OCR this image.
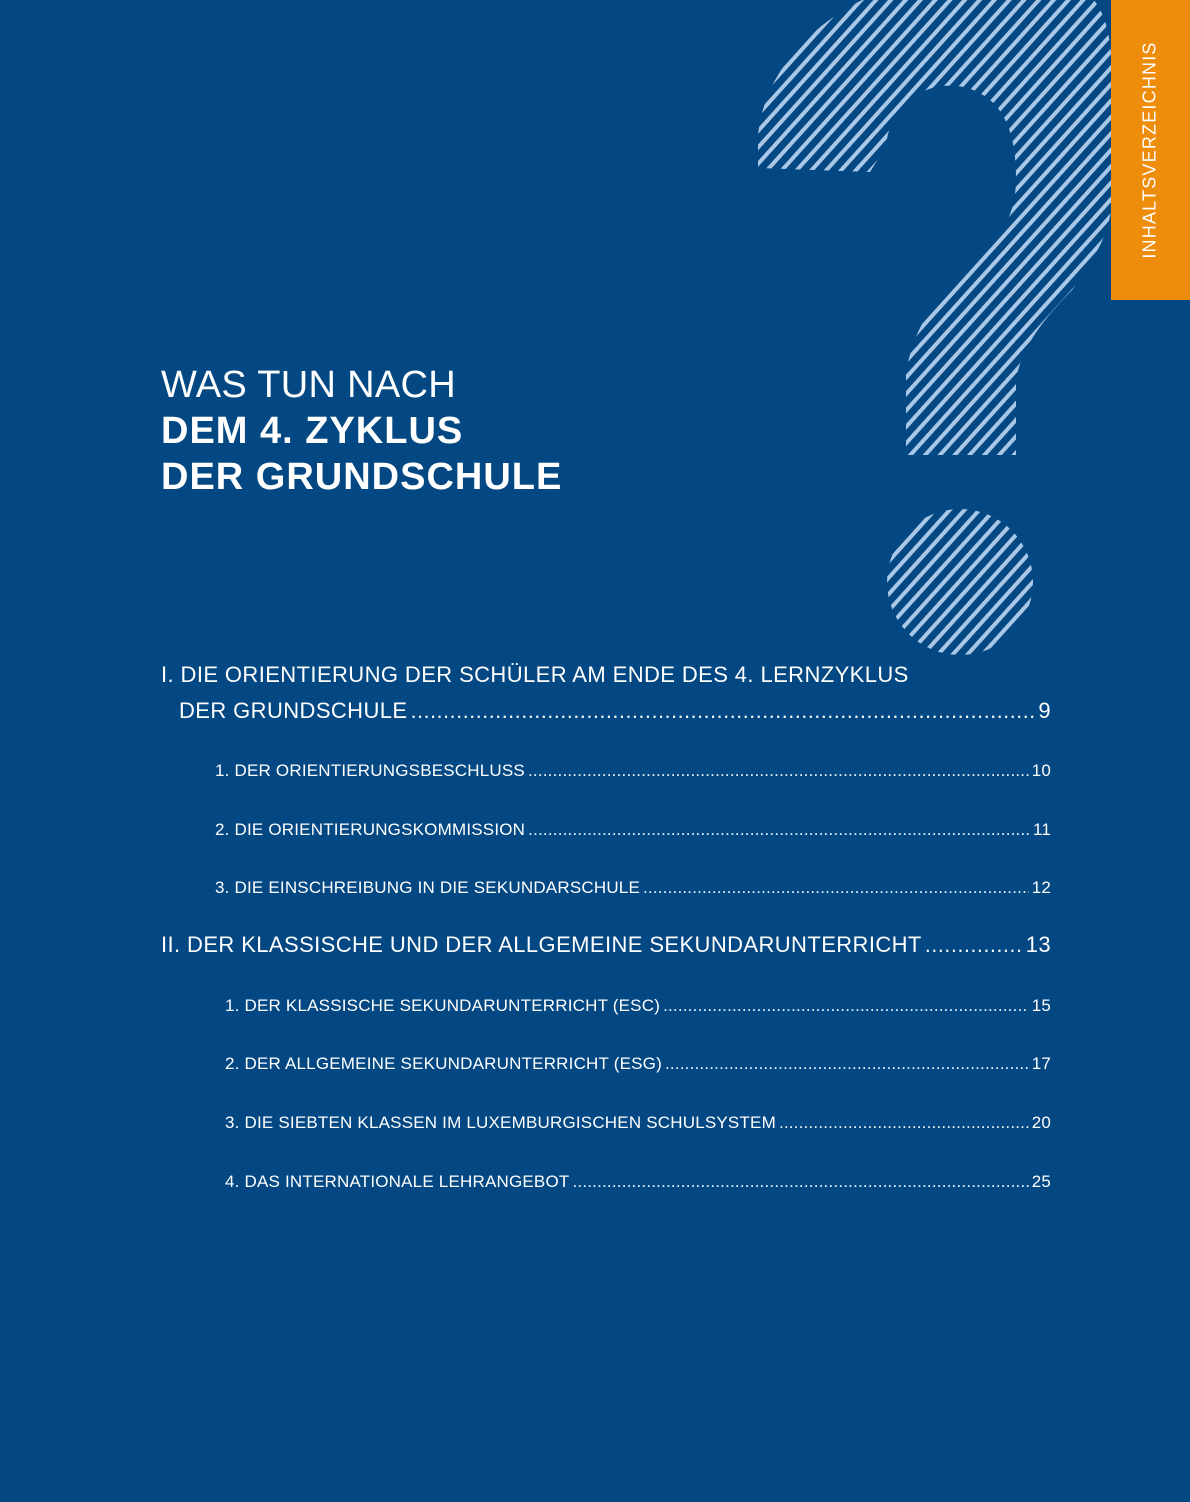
INHALTSVERZEICHNIS
WAS TUN NACH
DEM 4. ZYKLUS
DER GRUNDSCHULE
I. DIE ORIENTIERUNG DER SCHÜLER AM ENDE DES 4. LERNZYKLUS
DER GRUNDSCHULE .....	9
1. DER ORIENTIERUNGSBESCHLUSS .....	10
2. DIE ORIENTIERUNGSKOMMISSION .....	11
3. DIE EINSCHREIBUNG IN DIE SEKUNDARSCHULE .....	12
II. DER KLASSISCHE UND DER ALLGEMEINE SEKUNDARUNTERRICHT .....	13
1. DER KLASSISCHE SEKUNDARUNTERRICHT (ESC) .....	15
2. DER ALLGEMEINE SEKUNDARUNTERRICHT (ESG) .....	17
3. DIE SIEBTEN KLASSEN IM LUXEMBURGISCHEN SCHULSYSTEM .....	20
4. DAS INTERNATIONALE LEHRANGEBOT .....	25
